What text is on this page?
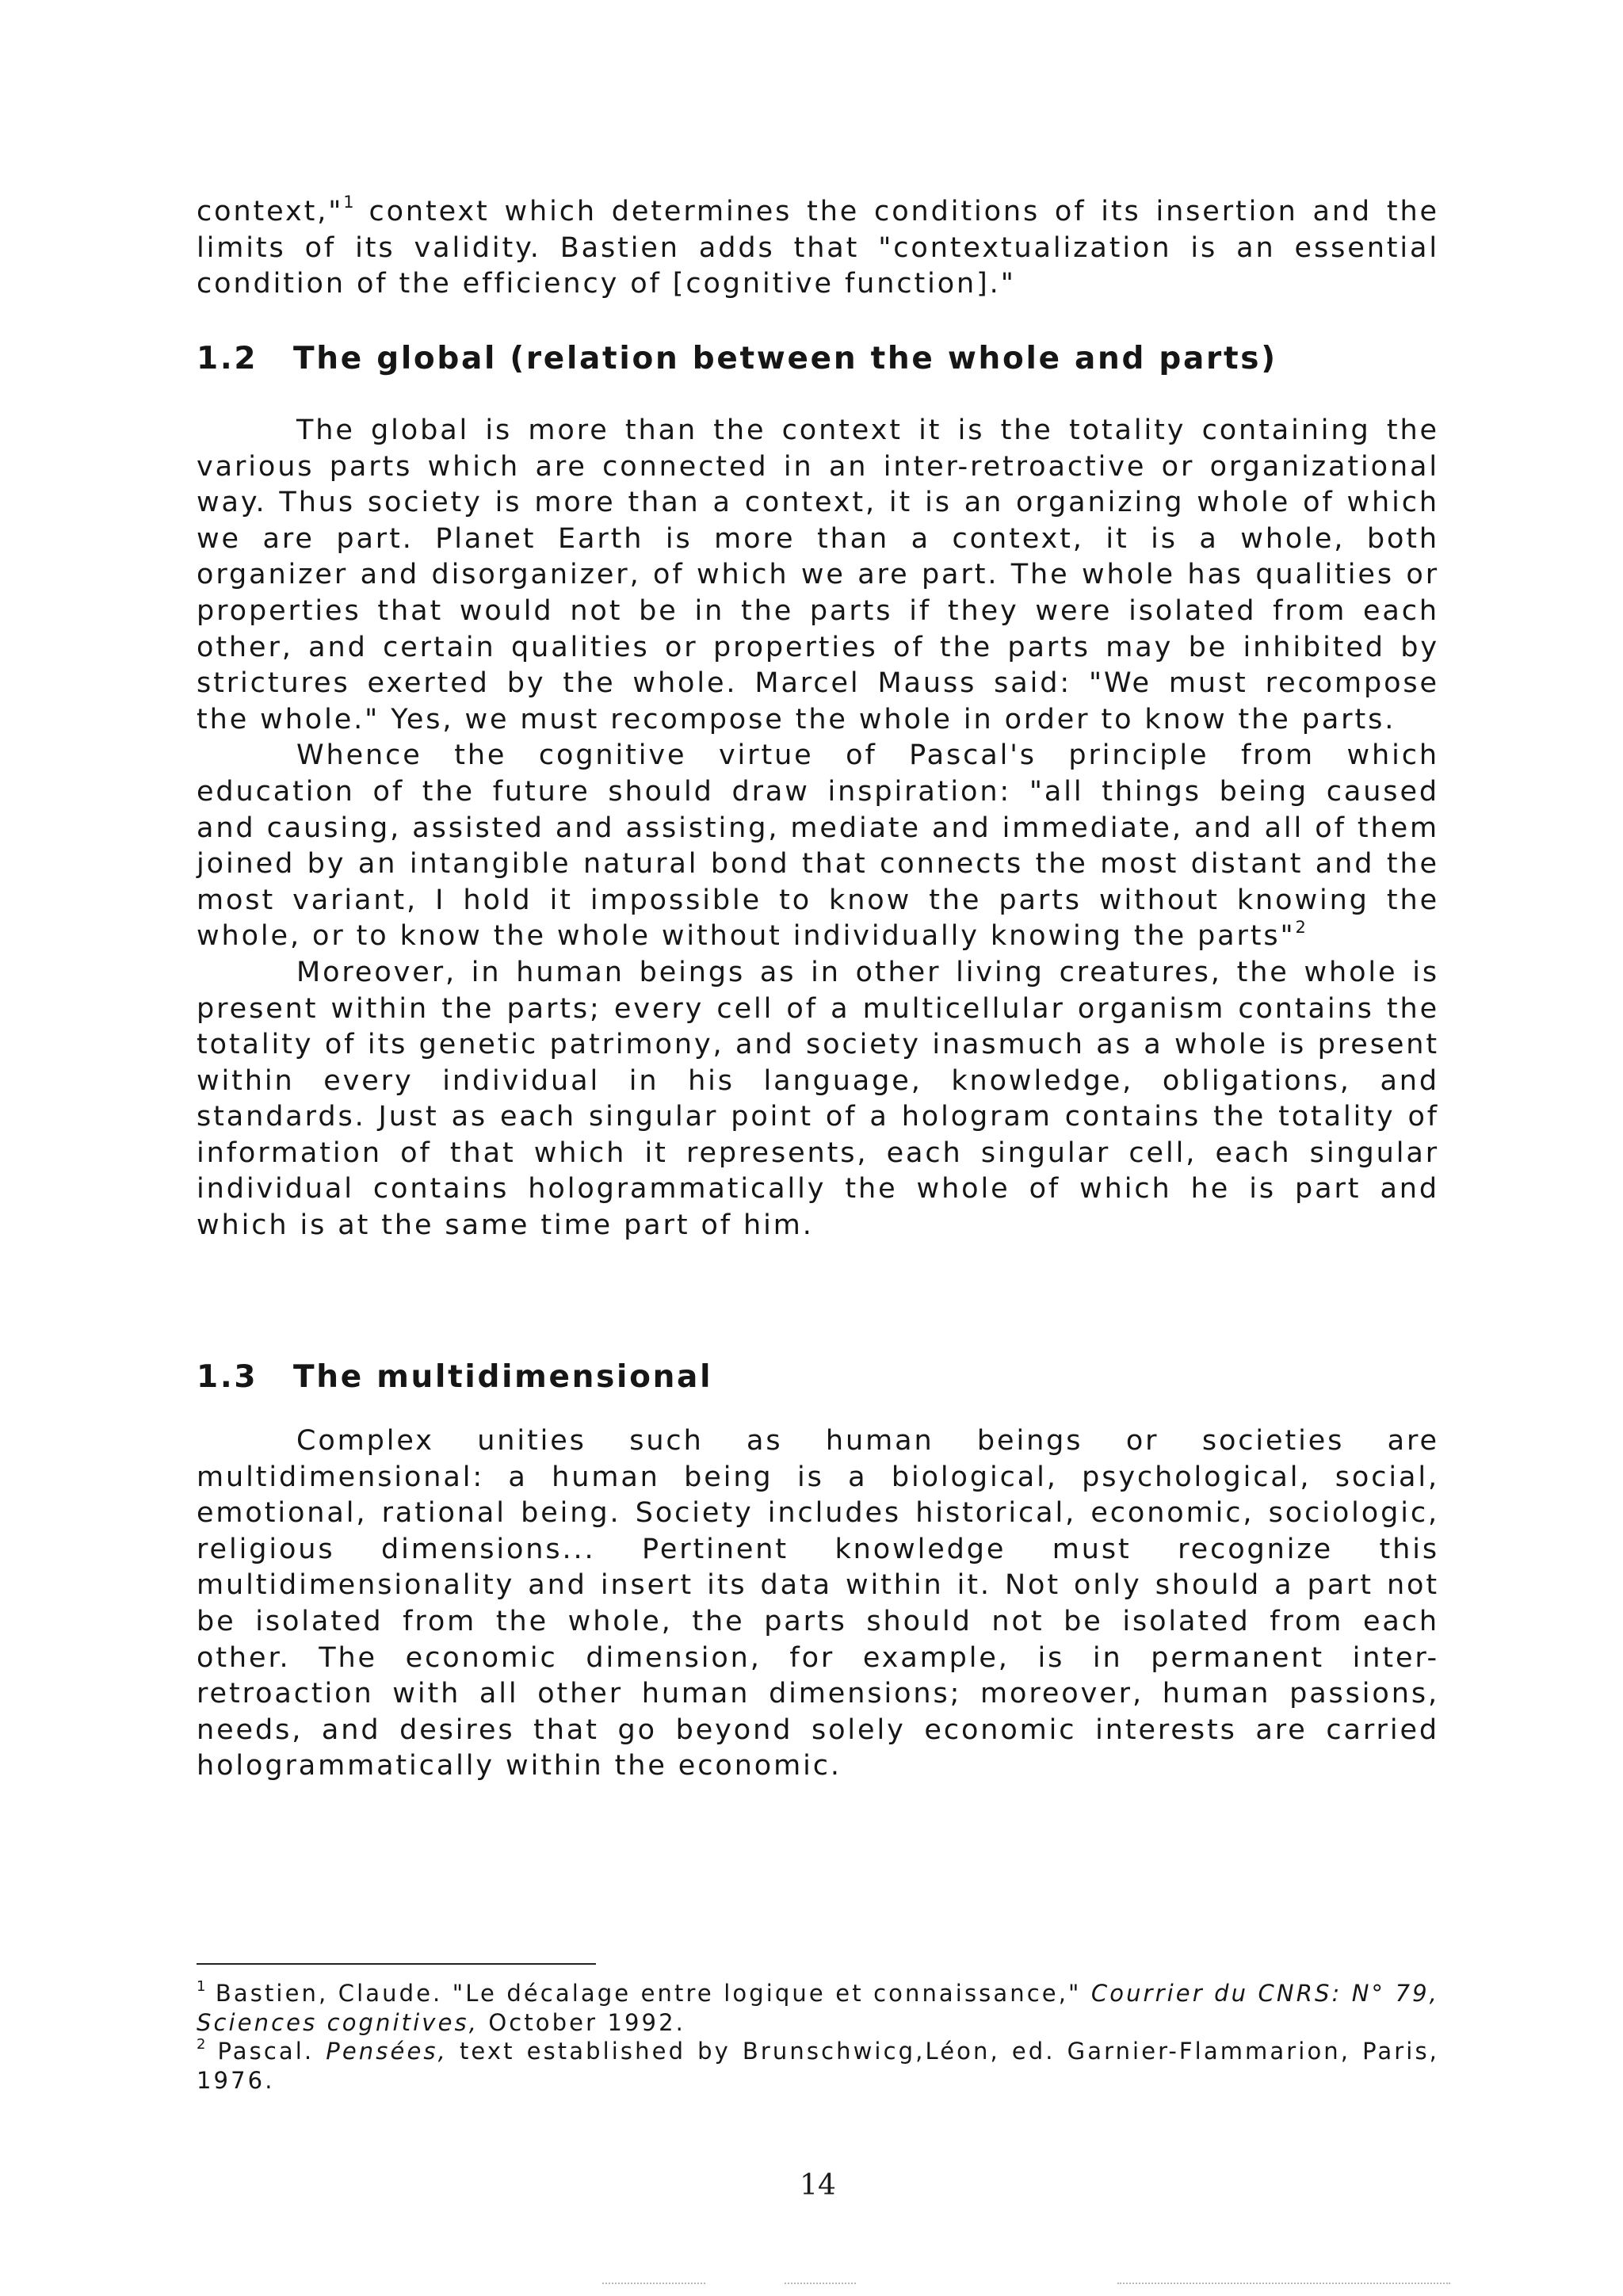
context,"$^1$ context which determines the conditions of its insertion and the limits of its validity. Bastien adds that "contextualization is an essential condition of the efficiency of [cognitive function]."

1.2 The global (relation between the whole and parts)

The global is more than the context it is the totality containing the various parts which are connected in an inter-retroactive or organizational way. Thus society is more than a context, it is an organizing whole of which we are part. Planet Earth is more than a context, it is a whole, both organizer and disorganizer, of which we are part. The whole has qualities or properties that would not be in the parts if they were isolated from each other, and certain qualities or properties of the parts may be inhibited by strictures exerted by the whole. Marcel Mauss said: "We must recompose the whole." Yes, we must recompose the whole in order to know the parts.

Whence the cognitive virtue of Pascal's principle from which education of the future should draw inspiration: "all things being caused and causing, assisted and assisting, mediate and immediate, and all of them joined by an intangible natural bond that connects the most distant and the most variant, I hold it impossible to know the parts without knowing the whole, or to know the whole without individually knowing the parts"$^2$

Moreover, in human beings as in other living creatures, the whole is present within the parts; every cell of a multicellular organism contains the totality of its genetic patrimony, and society inasmuch as a whole is present within every individual in his language, knowledge, obligations, and standards. Just as each singular point of a hologram contains the totality of information of that which it represents, each singular cell, each singular individual contains hologrammatically the whole of which he is part and which is at the same time part of him.

1.3 The multidimensional

Complex unities such as human beings or societies are multidimensional: a human being is a biological, psychological, social, emotional, rational being. Society includes historical, economic, sociologic, religious dimensions... Pertinent knowledge must recognize this multidimensionality and insert its data within it. Not only should a part not be isolated from the whole, the parts should not be isolated from each other. The economic dimension, for example, is in permanent inter-retroaction with all other human dimensions; moreover, human passions, needs, and desires that go beyond solely economic interests are carried hologrammatically within the economic.

$^1$ Bastien, Claude. "Le décalage entre logique et connaissance," Courrier du CNRS: N° 79, Sciences cognitives, October 1992.

$^2$ Pascal. Pensées, text established by Brunschwicg,Léon, ed. Garnier-Flammarion, Paris, 1976.

14
